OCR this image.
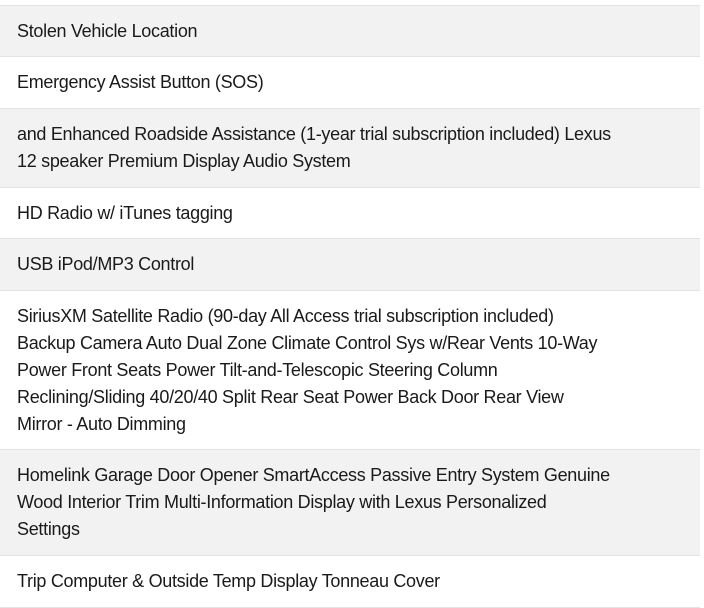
Stolen Vehicle Location
Emergency Assist Button (SOS)
and Enhanced Roadside Assistance (1-year trial subscription included) Lexus
12 speaker Premium Display Audio System
HD Radio w/ iTunes tagging
USB iPod/MP3 Control
SiriusXM Satellite Radio (90-day All Access trial subscription included)
Backup Camera Auto Dual Zone Climate Control Sys w/Rear Vents 10-Way
Power Front Seats Power Tilt-and-Telescopic Steering Column
Reclining/Sliding 40/20/40 Split Rear Seat Power Back Door Rear View
Mirror - Auto Dimming
Homelink Garage Door Opener SmartAccess Passive Entry System Genuine
Wood Interior Trim Multi-Information Display with Lexus Personalized
Settings
Trip Computer & Outside Temp Display Tonneau Cover
